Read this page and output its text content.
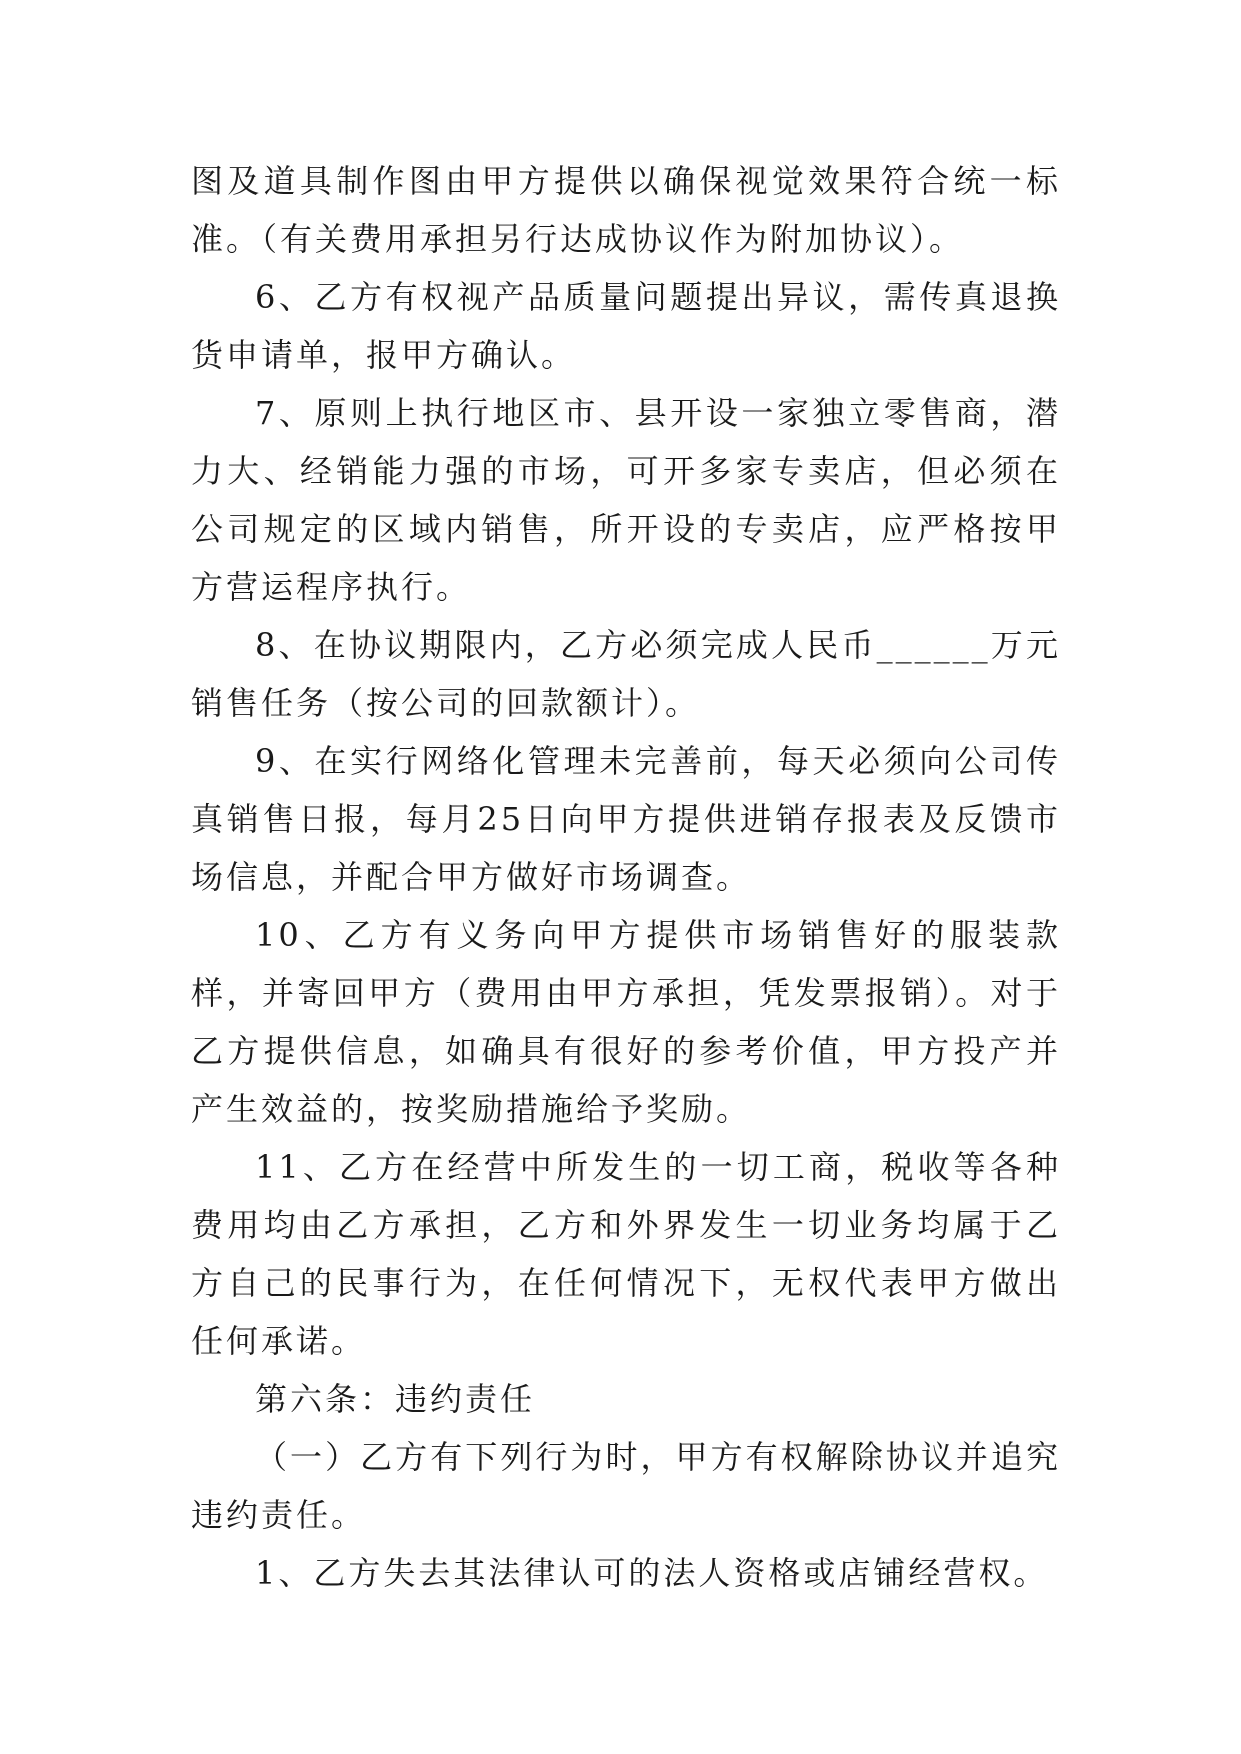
图及道具制作图由甲方提供以确保视觉效果符合统一标准。（有关费用承担另行达成协议作为附加协议）。

6、乙方有权视产品质量问题提出异议，需传真退换货申请单，报甲方确认。

7、原则上执行地区市、县开设一家独立零售商，潜力大、经销能力强的市场，可开多家专卖店，但必须在公司规定的区域内销售，所开设的专卖店，应严格按甲方营运程序执行。

8、在协议期限内，乙方必须完成人民币______万元销售任务（按公司的回款额计）。

9、在实行网络化管理未完善前，每天必须向公司传真销售日报，每月25日向甲方提供进销存报表及反馈市场信息，并配合甲方做好市场调查。

10、乙方有义务向甲方提供市场销售好的服装款样，并寄回甲方（费用由甲方承担，凭发票报销）。对于乙方提供信息，如确具有很好的参考价值，甲方投产并产生效益的，按奖励措施给予奖励。

11、乙方在经营中所发生的一切工商，税收等各种费用均由乙方承担，乙方和外界发生一切业务均属于乙方自己的民事行为，在任何情况下，无权代表甲方做出任何承诺。

第六条：违约责任

（一）乙方有下列行为时，甲方有权解除协议并追究违约责任。

1、乙方失去其法律认可的法人资格或店铺经营权。
